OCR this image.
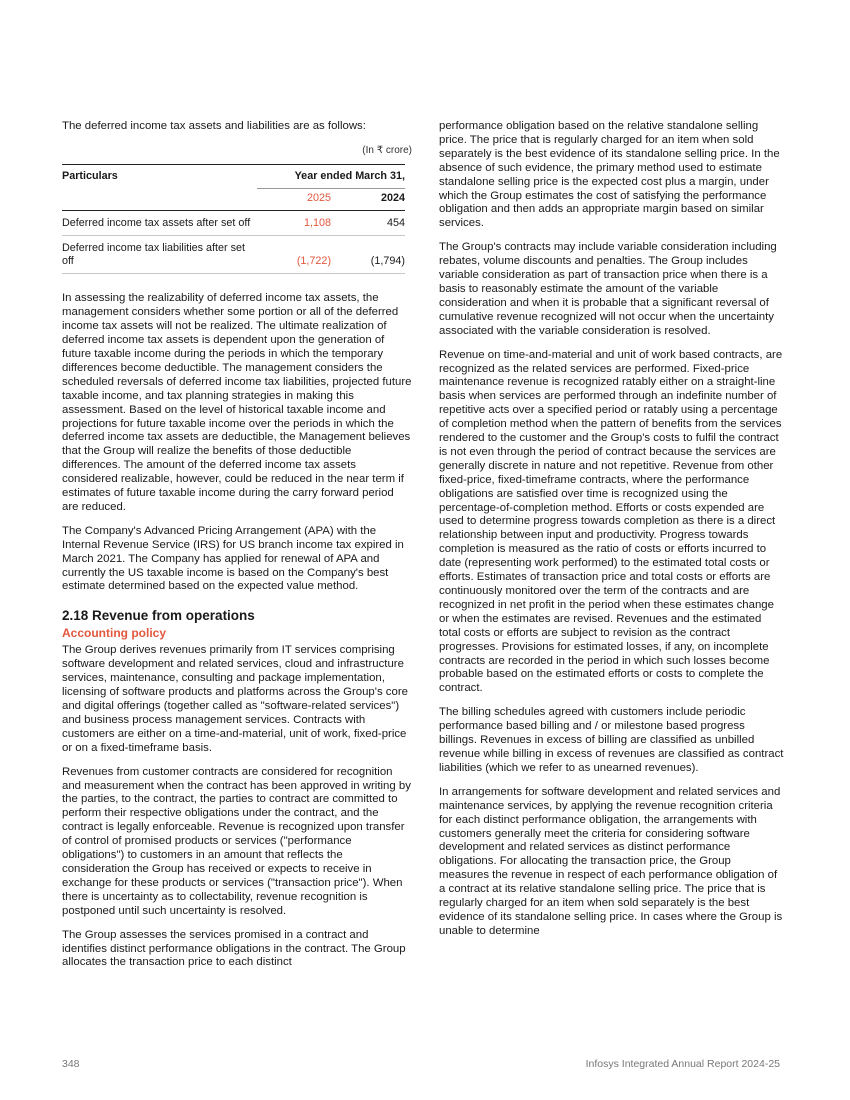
The deferred income tax assets and liabilities are as follows:

(In ₹ crore)
Particulars	Year ended March 31,	
	2025	2024
Deferred income tax assets after set off	1,108	454
Deferred income tax liabilities after set off	(1,722)	(1,794)

In assessing the realizability of deferred income tax assets, the management considers whether some portion or all of the deferred income tax assets will not be realized. The ultimate realization of deferred income tax assets is dependent upon the generation of future taxable income during the periods in which the temporary differences become deductible. The management considers the scheduled reversals of deferred income tax liabilities, projected future taxable income, and tax planning strategies in making this assessment. Based on the level of historical taxable income and projections for future taxable income over the periods in which the deferred income tax assets are deductible, the Management believes that the Group will realize the benefits of those deductible differences. The amount of the deferred income tax assets considered realizable, however, could be reduced in the near term if estimates of future taxable income during the carry forward period are reduced.

The Company's Advanced Pricing Arrangement (APA) with the Internal Revenue Service (IRS) for US branch income tax expired in March 2021. The Company has applied for renewal of APA and currently the US taxable income is based on the Company's best estimate determined based on the expected value method.

2.18 Revenue from operations
Accounting policy

The Group derives revenues primarily from IT services comprising software development and related services, cloud and infrastructure services, maintenance, consulting and package implementation, licensing of software products and platforms across the Group's core and digital offerings (together called as "software-related services") and business process management services. Contracts with customers are either on a time-and-material, unit of work, fixed-price or on a fixed-timeframe basis.

Revenues from customer contracts are considered for recognition and measurement when the contract has been approved in writing by the parties, to the contract, the parties to contract are committed to perform their respective obligations under the contract, and the contract is legally enforceable. Revenue is recognized upon transfer of control of promised products or services ("performance obligations") to customers in an amount that reflects the consideration the Group has received or expects to receive in exchange for these products or services ("transaction price"). When there is uncertainty as to collectability, revenue recognition is postponed until such uncertainty is resolved.

The Group assesses the services promised in a contract and identifies distinct performance obligations in the contract. The Group allocates the transaction price to each distinct

performance obligation based on the relative standalone selling price. The price that is regularly charged for an item when sold separately is the best evidence of its standalone selling price. In the absence of such evidence, the primary method used to estimate standalone selling price is the expected cost plus a margin, under which the Group estimates the cost of satisfying the performance obligation and then adds an appropriate margin based on similar services.

The Group's contracts may include variable consideration including rebates, volume discounts and penalties. The Group includes variable consideration as part of transaction price when there is a basis to reasonably estimate the amount of the variable consideration and when it is probable that a significant reversal of cumulative revenue recognized will not occur when the uncertainty associated with the variable consideration is resolved.

Revenue on time-and-material and unit of work based contracts, are recognized as the related services are performed. Fixed-price maintenance revenue is recognized ratably either on a straight-line basis when services are performed through an indefinite number of repetitive acts over a specified period or ratably using a percentage of completion method when the pattern of benefits from the services rendered to the customer and the Group's costs to fulfil the contract is not even through the period of contract because the services are generally discrete in nature and not repetitive. Revenue from other fixed-price, fixed-timeframe contracts, where the performance obligations are satisfied over time is recognized using the percentage-of-completion method. Efforts or costs expended are used to determine progress towards completion as there is a direct relationship between input and productivity. Progress towards completion is measured as the ratio of costs or efforts incurred to date (representing work performed) to the estimated total costs or efforts. Estimates of transaction price and total costs or efforts are continuously monitored over the term of the contracts and are recognized in net profit in the period when these estimates change or when the estimates are revised. Revenues and the estimated total costs or efforts are subject to revision as the contract progresses. Provisions for estimated losses, if any, on incomplete contracts are recorded in the period in which such losses become probable based on the estimated efforts or costs to complete the contract.

The billing schedules agreed with customers include periodic performance based billing and / or milestone based progress billings. Revenues in excess of billing are classified as unbilled revenue while billing in excess of revenues are classified as contract liabilities (which we refer to as unearned revenues).

In arrangements for software development and related services and maintenance services, by applying the revenue recognition criteria for each distinct performance obligation, the arrangements with customers generally meet the criteria for considering software development and related services as distinct performance obligations. For allocating the transaction price, the Group measures the revenue in respect of each performance obligation of a contract at its relative standalone selling price. The price that is regularly charged for an item when sold separately is the best evidence of its standalone selling price. In cases where the Group is unable to determine

348	Infosys Integrated Annual Report 2024-25
